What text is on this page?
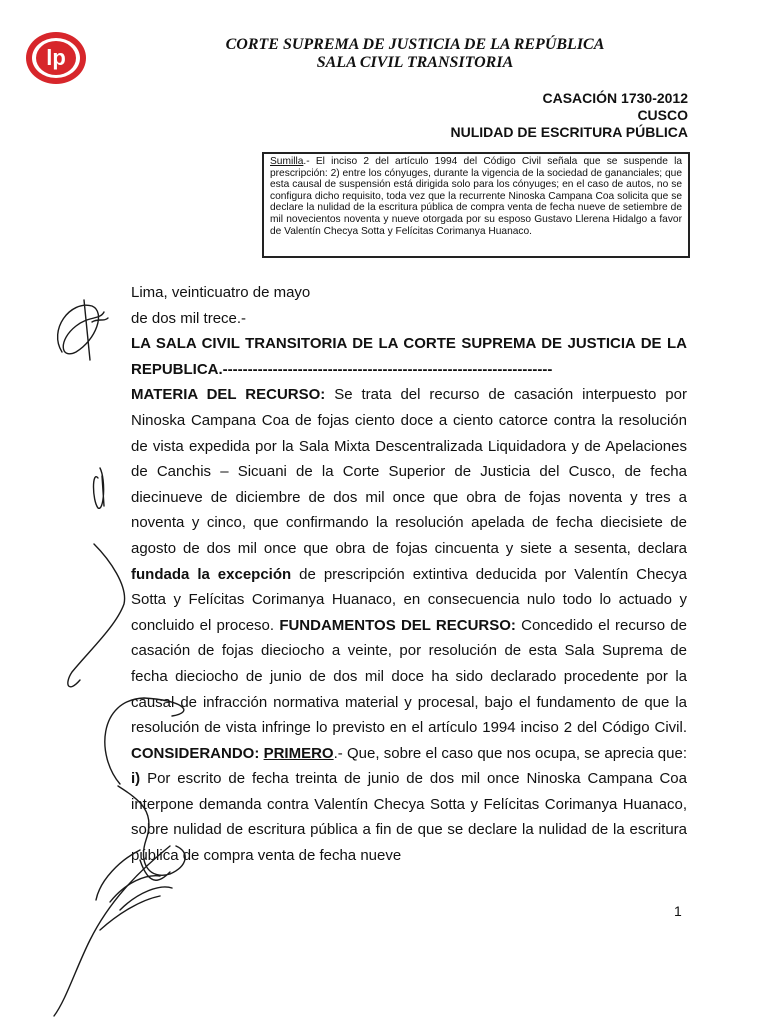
lp
CORTE SUPREMA DE JUSTICIA DE LA REPÚBLICA
SALA CIVIL TRANSITORIA
CASACIÓN 1730-2012
CUSCO
NULIDAD DE ESCRITURA PÚBLICA
Sumilla.- El inciso 2 del artículo 1994 del Código Civil señala que se suspende la prescripción: 2) entre los cónyuges, durante la vigencia de la sociedad de gananciales; que esta causal de suspensión está dirigida solo para los cónyuges; en el caso de autos, no se configura dicho requisito, toda vez que la recurrente Ninoska Campana Coa solicita que se declare la nulidad de la escritura pública de compra venta de fecha nueve de setiembre de mil novecientos noventa y nueve otorgada por su esposo Gustavo Llerena Hidalgo a favor de Valentín Checya Sotta y Felícitas Corimanya Huanaco.

Lima, veinticuatro de mayo

de dos mil trece.-

LA SALA CIVIL TRANSITORIA DE LA CORTE SUPREMA DE JUSTICIA DE LA REPUBLICA.------------------------------------------------------------------

MATERIA DEL RECURSO: Se trata del recurso de casación interpuesto por Ninoska Campana Coa de fojas ciento doce a ciento catorce contra la resolución de vista expedida por la Sala Mixta Descentralizada Liquidadora y de Apelaciones de Canchis – Sicuani de la Corte Superior de Justicia del Cusco, de fecha diecinueve de diciembre de dos mil once que obra de fojas noventa y tres a noventa y cinco, que confirmando la resolución apelada de fecha diecisiete de agosto de dos mil once que obra de fojas cincuenta y siete a sesenta, declara fundada la excepción de prescripción extintiva deducida por Valentín Checya Sotta y Felícitas Corimanya Huanaco, en consecuencia nulo todo lo actuado y concluido el proceso. FUNDAMENTOS DEL RECURSO: Concedido el recurso de casación de fojas dieciocho a veinte, por resolución de esta Sala Suprema de fecha dieciocho de junio de dos mil doce ha sido declarado procedente por la causal de infracción normativa material y procesal, bajo el fundamento de que la resolución de vista infringe lo previsto en el artículo 1994 inciso 2 del Código Civil. CONSIDERANDO: PRIMERO.- Que, sobre el caso que nos ocupa, se aprecia que: i) Por escrito de fecha treinta de junio de dos mil once Ninoska Campana Coa interpone demanda contra Valentín Checya Sotta y Felícitas Corimanya Huanaco, sobre nulidad de escritura pública a fin de que se declare la nulidad de la escritura pública de compra venta de fecha nueve

1
